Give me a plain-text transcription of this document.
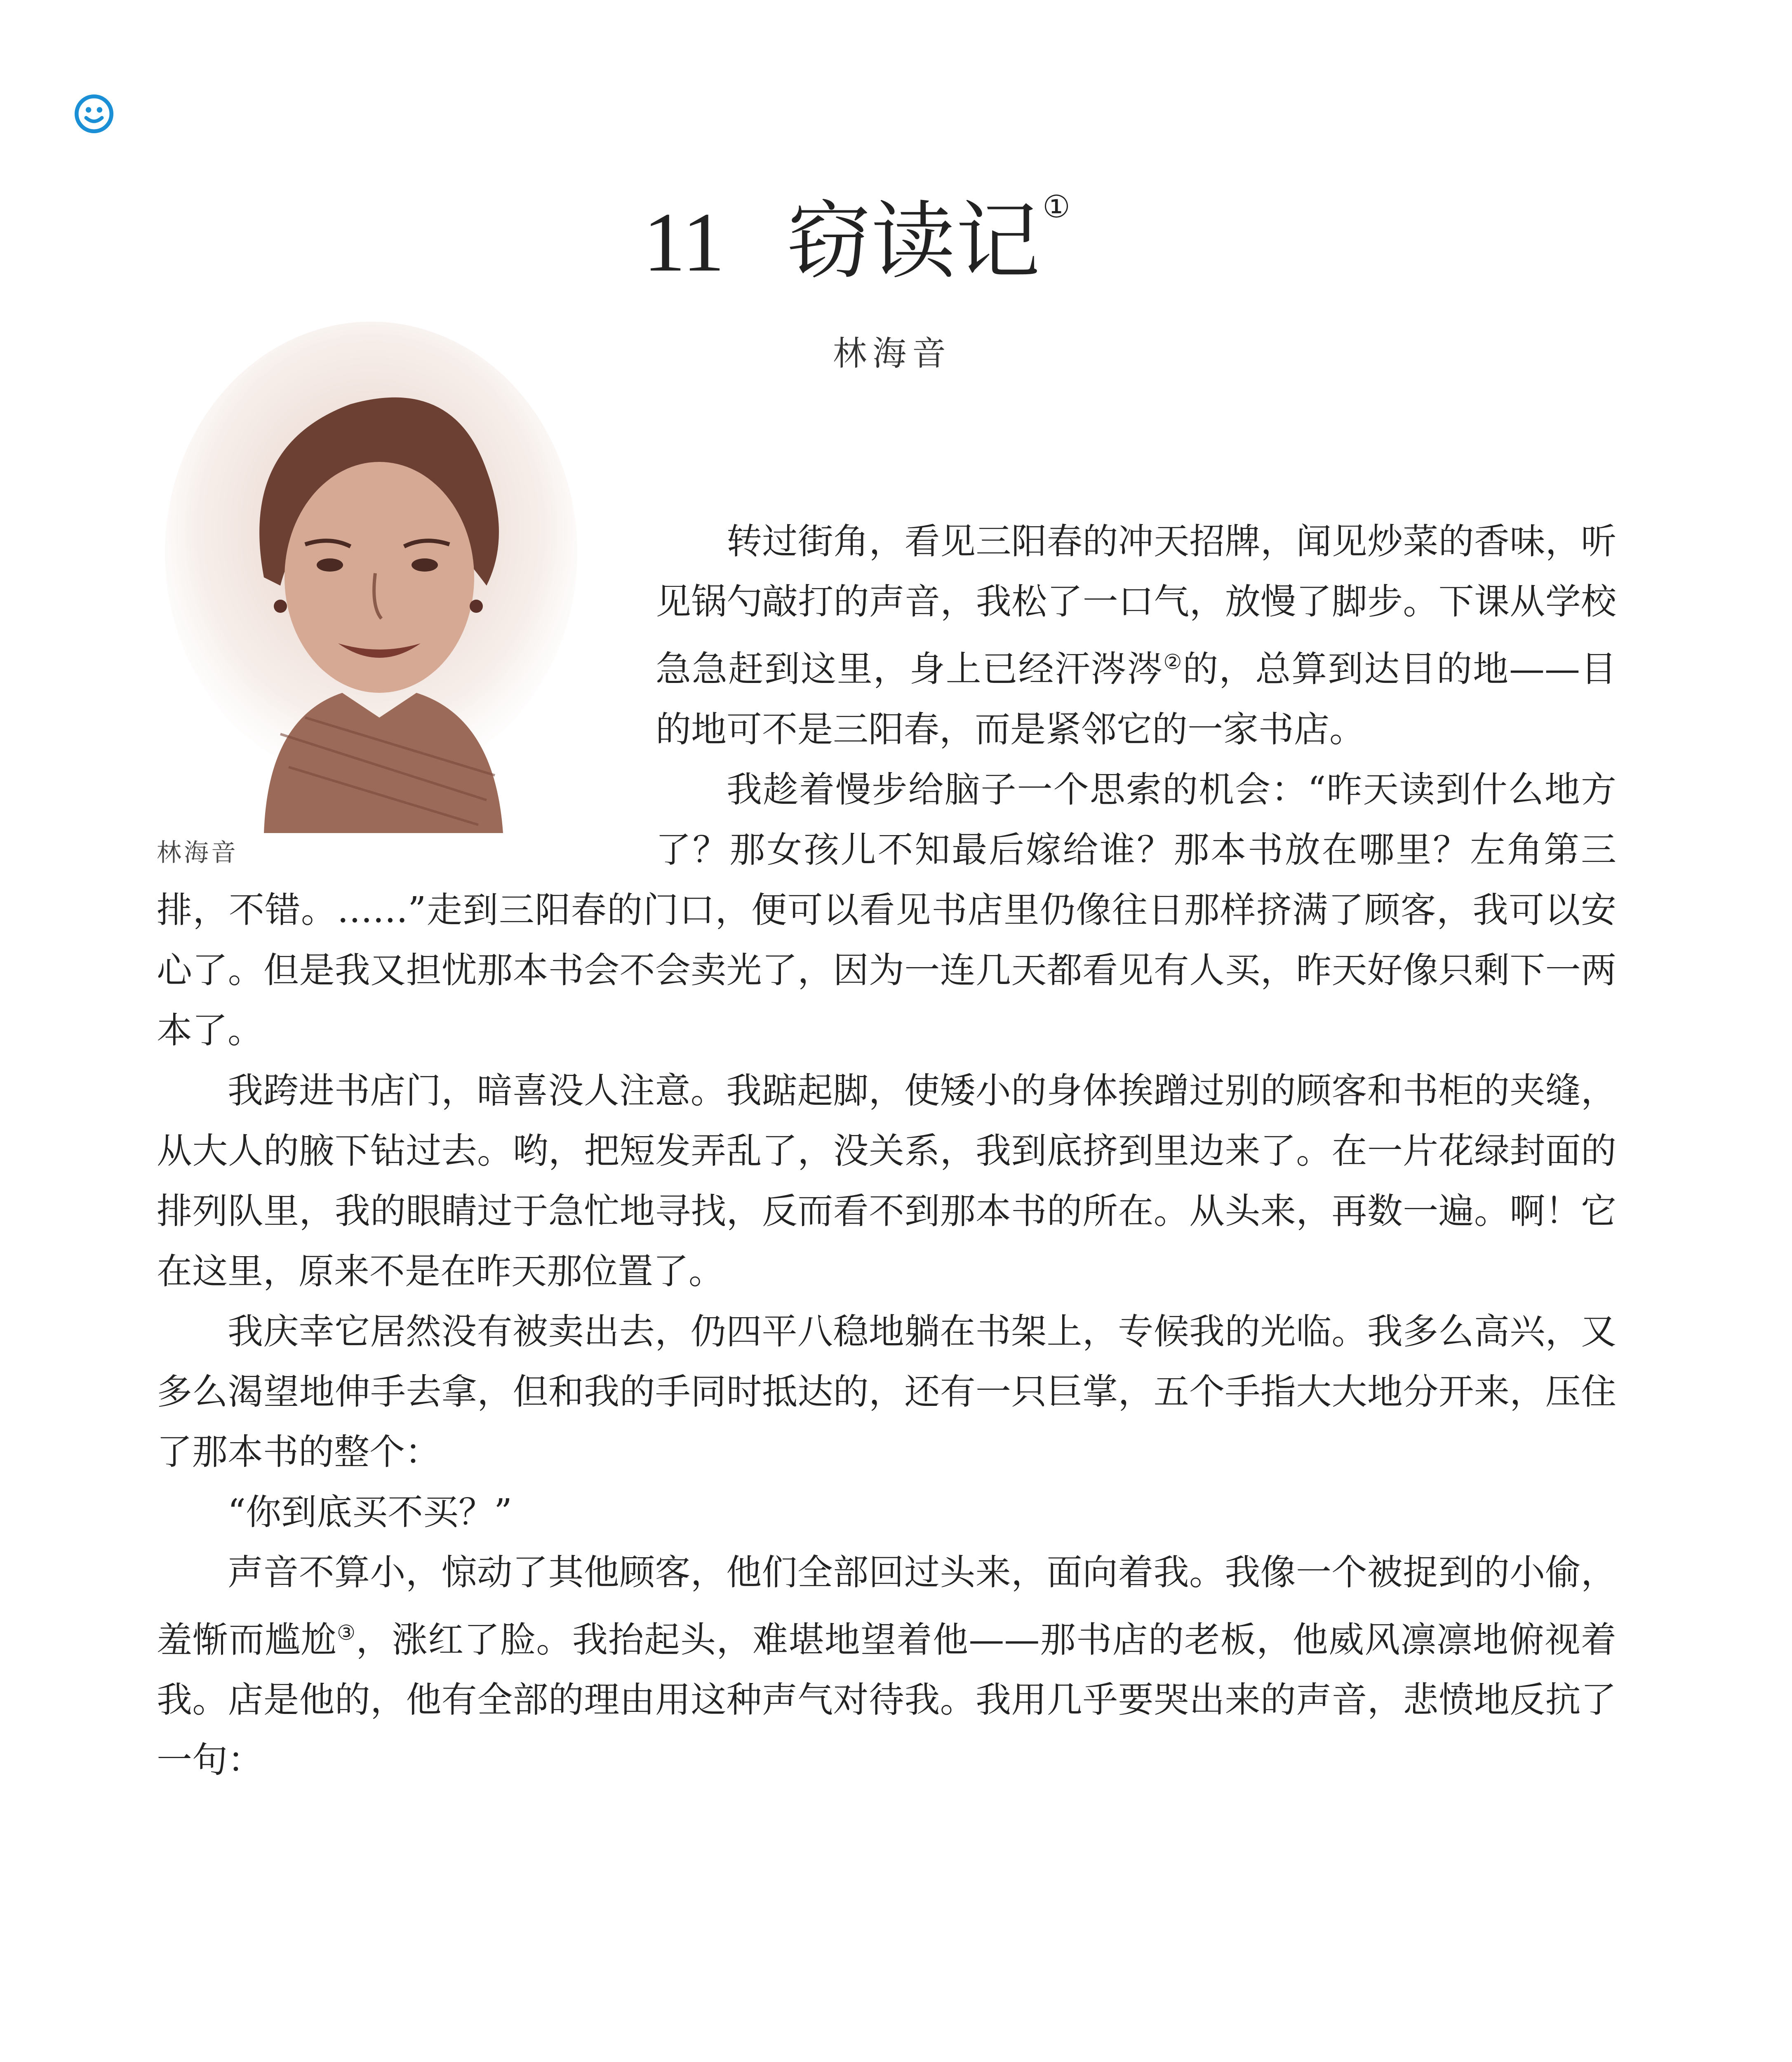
11 窃读记①
林海音
林海音

转过街角，看见三阳春的冲天招牌，闻见炒菜的香味，听见锅勺敲打的声音，我松了一口气，放慢了脚步。下课从学校急急赶到这里，身上已经汗涔涔②的，总算到达目的地——目的地可不是三阳春，而是紧邻它的一家书店。

我趁着慢步给脑子一个思索的机会：“昨天读到什么地方了？那女孩儿不知最后嫁给谁？那本书放在哪里？左角第三排，不错。……”走到三阳春的门口，便可以看见书店里仍像往日那样挤满了顾客，我可以安心了。但是我又担忧那本书会不会卖光了，因为一连几天都看见有人买，昨天好像只剩下一两本了。

我跨进书店门，暗喜没人注意。我踮起脚，使矮小的身体挨蹭过别的顾客和书柜的夹缝，从大人的腋下钻过去。哟，把短发弄乱了，没关系，我到底挤到里边来了。在一片花绿封面的排列队里，我的眼睛过于急忙地寻找，反而看不到那本书的所在。从头来，再数一遍。啊！它在这里，原来不是在昨天那位置了。

我庆幸它居然没有被卖出去，仍四平八稳地躺在书架上，专候我的光临。我多么高兴，又多么渴望地伸手去拿，但和我的手同时抵达的，还有一只巨掌，五个手指大大地分开来，压住了那本书的整个：

“你到底买不买？”

声音不算小，惊动了其他顾客，他们全部回过头来，面向着我。我像一个被捉到的小偷，羞惭而尴尬③，涨红了脸。我抬起头，难堪地望着他——那书店的老板，他威风凛凛地俯视着我。店是他的，他有全部的理由用这种声气对待我。我用几乎要哭出来的声音，悲愤地反抗了一句：
